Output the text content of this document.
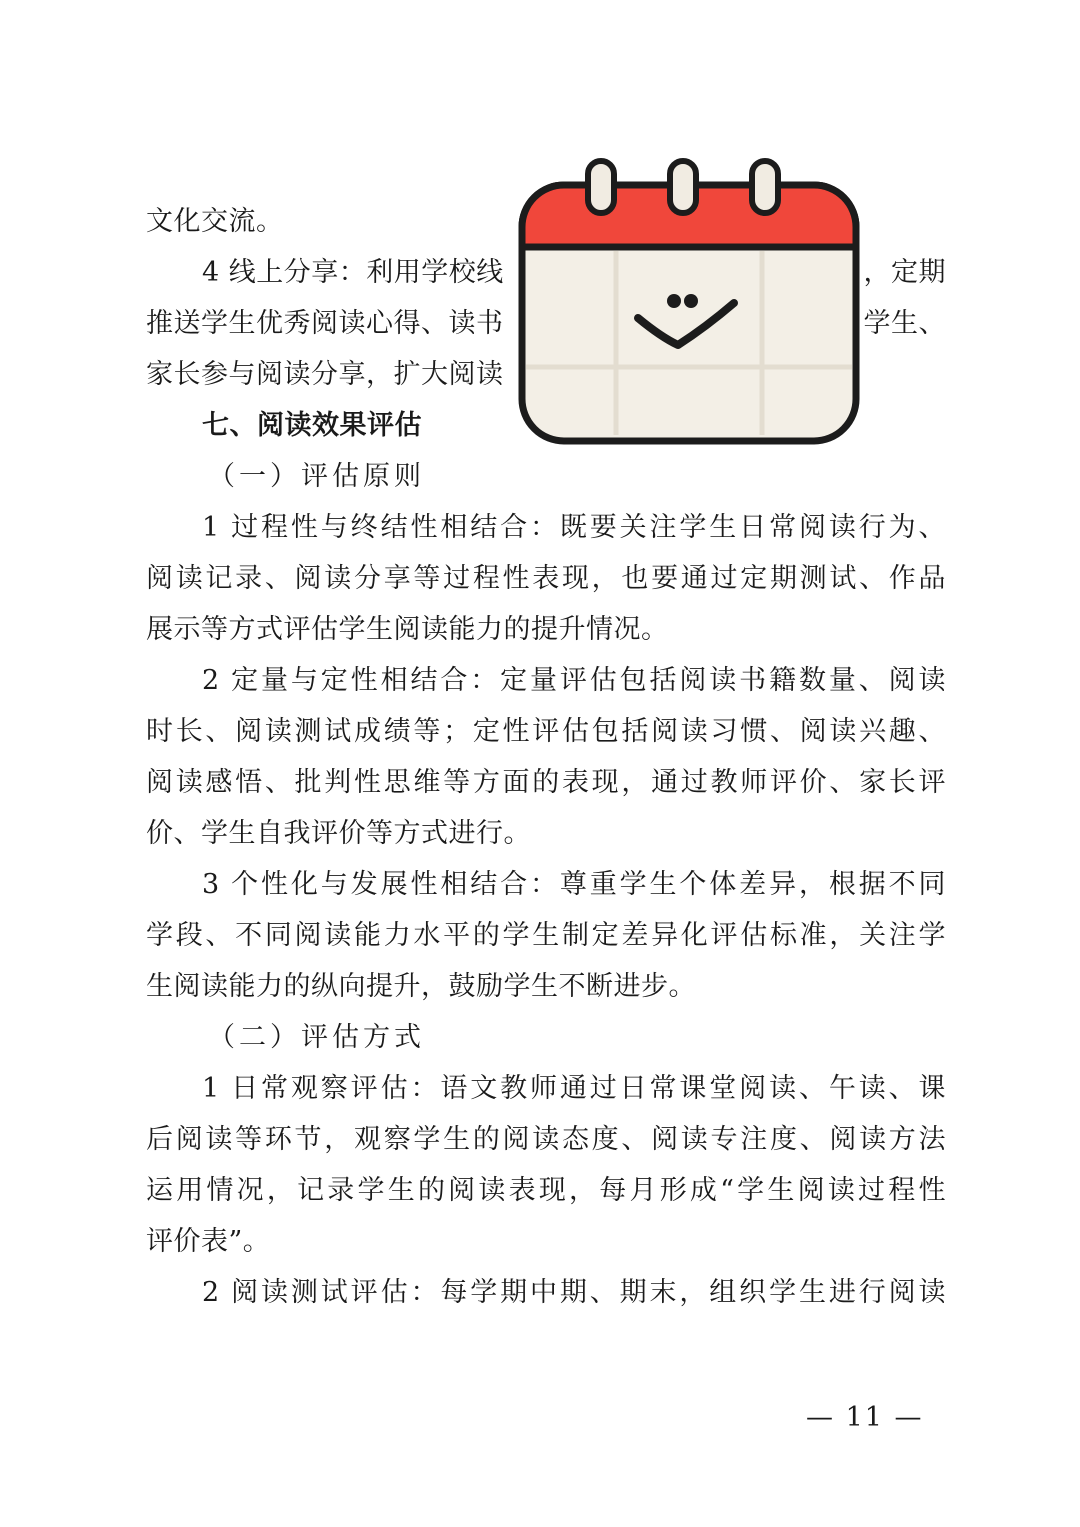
文化交流。
4 线上分享：利用学校线	，定期
推送学生优秀阅读心得、读书	学生、
家长参与阅读分享，扩大阅读
七、阅读效果评估
（一）评估原则
1 过程性与终结性相结合：既要关注学生日常阅读行为、
阅读记录、阅读分享等过程性表现，也要通过定期测试、作品
展示等方式评估学生阅读能力的提升情况。
2 定量与定性相结合：定量评估包括阅读书籍数量、阅读
时长、阅读测试成绩等；定性评估包括阅读习惯、阅读兴趣、
阅读感悟、批判性思维等方面的表现，通过教师评价、家长评
价、学生自我评价等方式进行。
3 个性化与发展性相结合：尊重学生个体差异，根据不同
学段、不同阅读能力水平的学生制定差异化评估标准，关注学
生阅读能力的纵向提升，鼓励学生不断进步。
（二）评估方式
1 日常观察评估：语文教师通过日常课堂阅读、午读、课
后阅读等环节，观察学生的阅读态度、阅读专注度、阅读方法
运用情况，记录学生的阅读表现，每月形成“学生阅读过程性
评价表”。
2 阅读测试评估：每学期中期、期末，组织学生进行阅读
— 11 —
